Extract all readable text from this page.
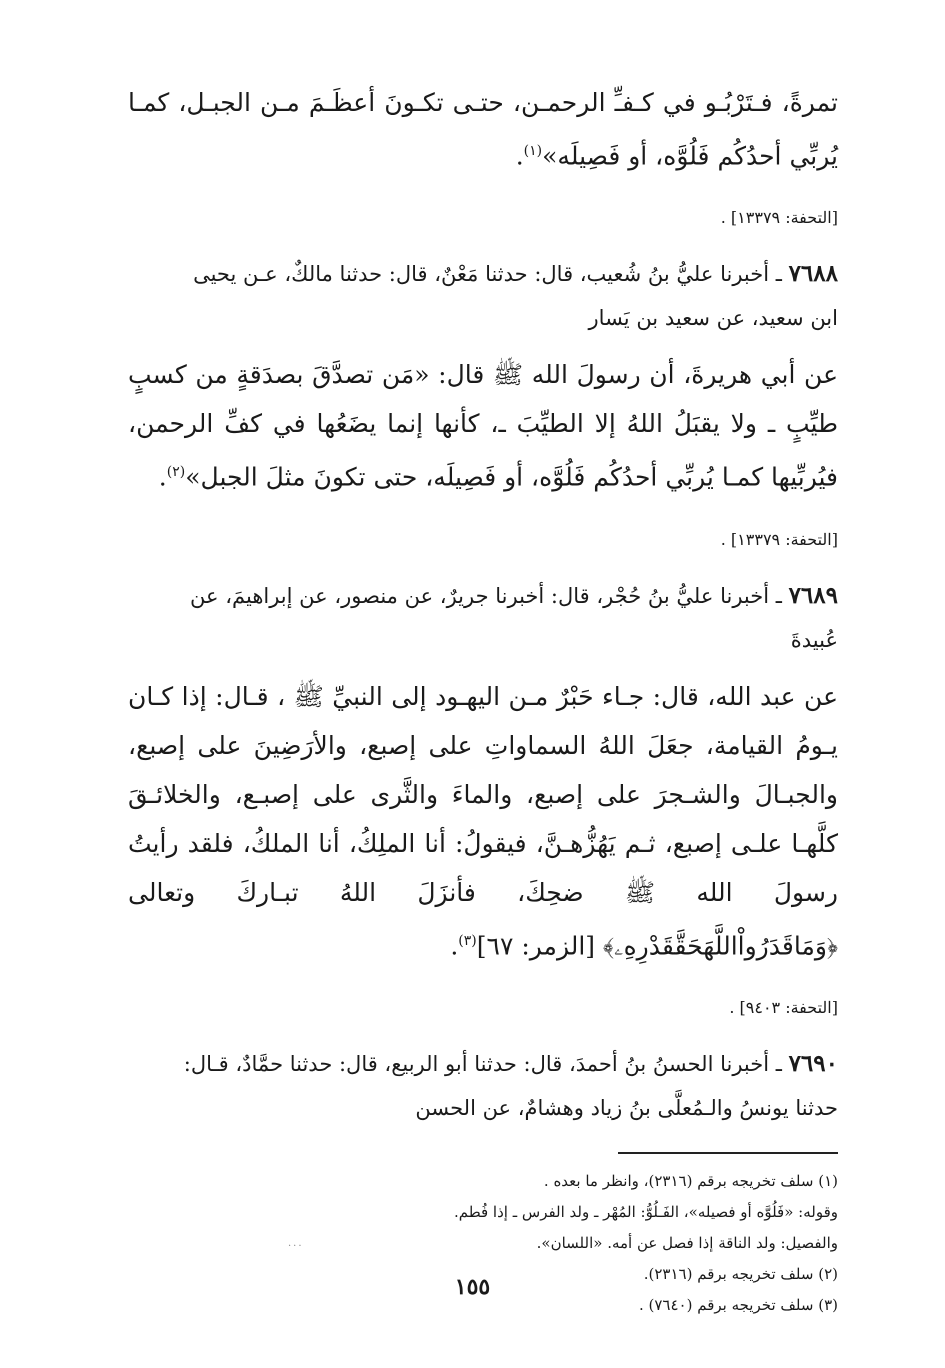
تمرةً، فـتَرْبُـو في كـفـِّ الرحمـن، حتـى تكـونَ أعظَـمَ مـن الجبـل، كمـا يُربِّي أحدُكُم فَلُوَّه، أو فَصِيلَه»$^{(١)}$.

[التحفة: ١٣٣٧٩] .

٧٦٨٨ ـ أخبرنا عليُّ بنُ شُعيب، قال: حدثنا مَعْنٌ، قال: حدثنا مالكٌ، عـن يحيى

ابن سعيد، عن سعيد بن يَسار

عن أبي هريرةَ، أن رسولَ الله ﷺ قال: «مَن تصدَّقَ بصدَقةٍ من كسبٍ طيِّبٍ ـ ولا يقبَلُ اللهُ إلا الطيِّبَ ـ، كأنها إنما يضَعُها في كفِّ الرحمن، فيُربِّيها كمـا يُربِّي أحدُكُم فَلُوَّه، أو فَصِيلَه، حتى تكونَ مثلَ الجبل»$^{(٢)}$.

[التحفة: ١٣٣٧٩] .

٧٦٨٩ ـ أخبرنا عليُّ بنُ حُجْر، قال: أخبرنا جريرٌ، عن منصور، عن إبراهيمَ، عن

عُبيدةَ

عن عبد الله، قال: جـاء حَبْرٌ مـن اليهـود إلى النبيِّ ﷺ ، قـال: إذا كـان يـومُ القيامة، جعَلَ اللهُ السماواتِ على إصبع، والأرَضِينَ على إصبع، والجبـالَ والشـجرَ على إصبع، والماءَ والثَّرى على إصبـع، والخلائـقَ كلَّهـا علـى إصبع، ثـم يَهُزُّهـنَّ، فيقولُ: أنا الملِكُ، أنا الملكُ، فلقد رأيتُ رسولَ الله ﷺ ضحِكَ، فأنزَلَ اللهُ تبـاركَ وتعالى ﴿وَمَاقَدَرُواْاللَّهَحَقَّقَدْرِهِۦ﴾ [الزمر: ٦٧]$^{(٣)}$.

[التحفة: ٩٤٠٣] .

٧٦٩٠ ـ أخبرنا الحسنُ بنُ أحمدَ، قال: حدثنا أبو الربيع، قال: حدثنا حمَّادٌ، قـال:

حدثنا يونسُ والـمُعلَّى بنُ زياد وهشامٌ، عن الحسن

(١) سلف تخريجه برقم (٢٣١٦)، وانظر ما بعده .

وقوله: «فَلُوَّه أو فصيله»، الفَـلُوُّ: المُهْر ـ ولد الفرس ـ إذا فُطم.

والفصيل: ولد الناقة إذا فصل عن أمه. «اللسان».

(٢) سلف تخريجه برقم (٢٣١٦).

(٣) سلف تخريجه برقم (٧٦٤٠) .

...
١٥٥
